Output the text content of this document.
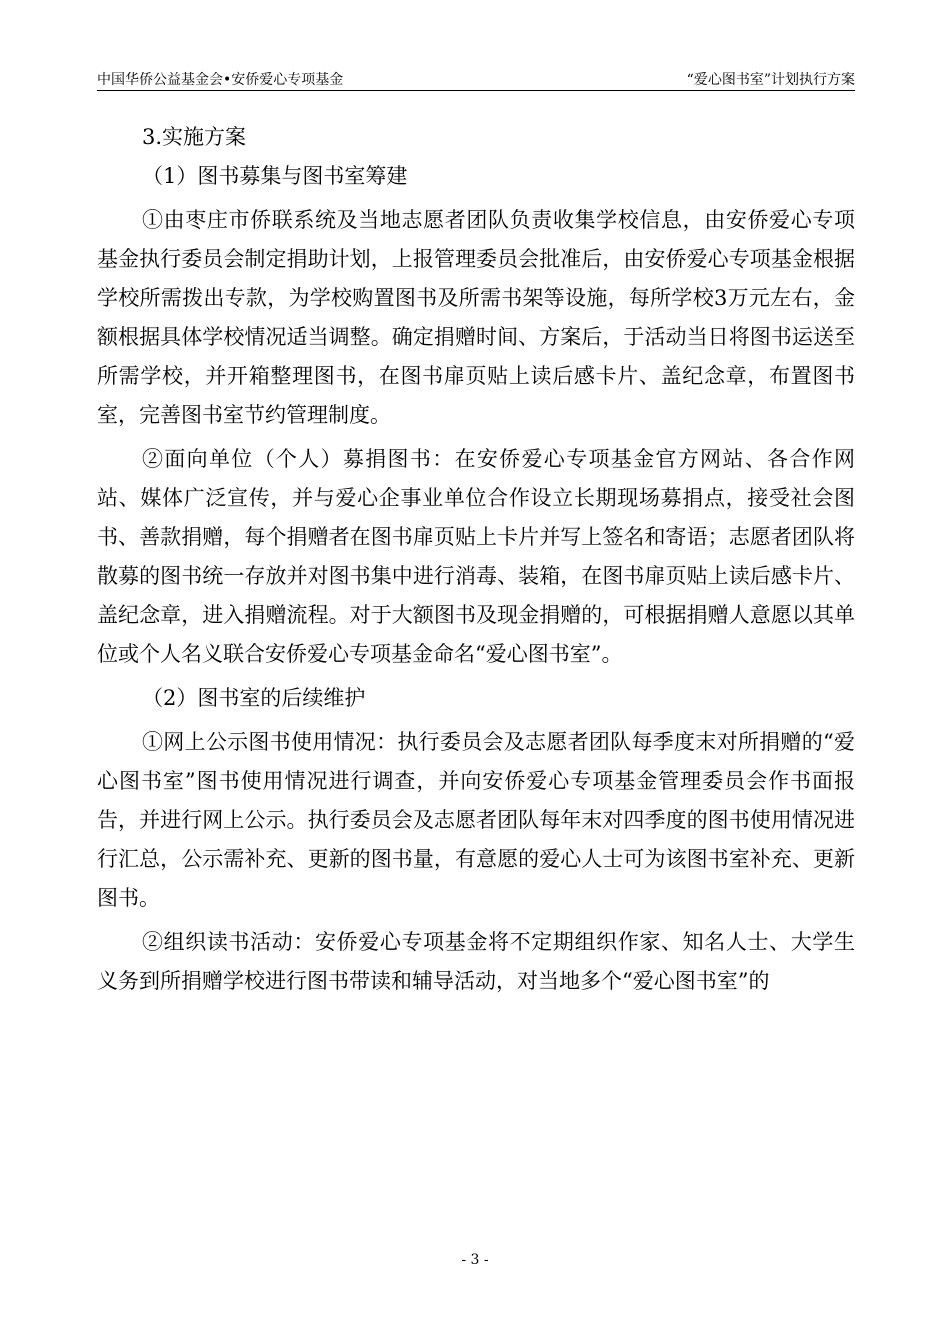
中国华侨公益基金会•安侨爱心专项基金	“爱心图书室”计划执行方案

3.实施方案

（1）图书募集与图书室筹建

①由枣庄市侨联系统及当地志愿者团队负责收集学校信息，由安侨爱心专项基金执行委员会制定捐助计划，上报管理委员会批准后，由安侨爱心专项基金根据学校所需拨出专款，为学校购置图书及所需书架等设施，每所学校3万元左右，金额根据具体学校情况适当调整。确定捐赠时间、方案后，于活动当日将图书运送至所需学校，并开箱整理图书，在图书扉页贴上读后感卡片、盖纪念章，布置图书室，完善图书室节约管理制度。

②面向单位（个人）募捐图书：在安侨爱心专项基金官方网站、各合作网站、媒体广泛宣传，并与爱心企事业单位合作设立长期现场募捐点，接受社会图书、善款捐赠，每个捐赠者在图书扉页贴上卡片并写上签名和寄语；志愿者团队将散募的图书统一存放并对图书集中进行消毒、装箱，在图书扉页贴上读后感卡片、盖纪念章，进入捐赠流程。对于大额图书及现金捐赠的，可根据捐赠人意愿以其单位或个人名义联合安侨爱心专项基金命名“爱心图书室”。

（2）图书室的后续维护

①网上公示图书使用情况：执行委员会及志愿者团队每季度末对所捐赠的“爱心图书室”图书使用情况进行调查，并向安侨爱心专项基金管理委员会作书面报告，并进行网上公示。执行委员会及志愿者团队每年末对四季度的图书使用情况进行汇总，公示需补充、更新的图书量，有意愿的爱心人士可为该图书室补充、更新图书。

②组织读书活动：安侨爱心专项基金将不定期组织作家、知名人士、大学生义务到所捐赠学校进行图书带读和辅导活动，对当地多个“爱心图书室”的

- 3 -
